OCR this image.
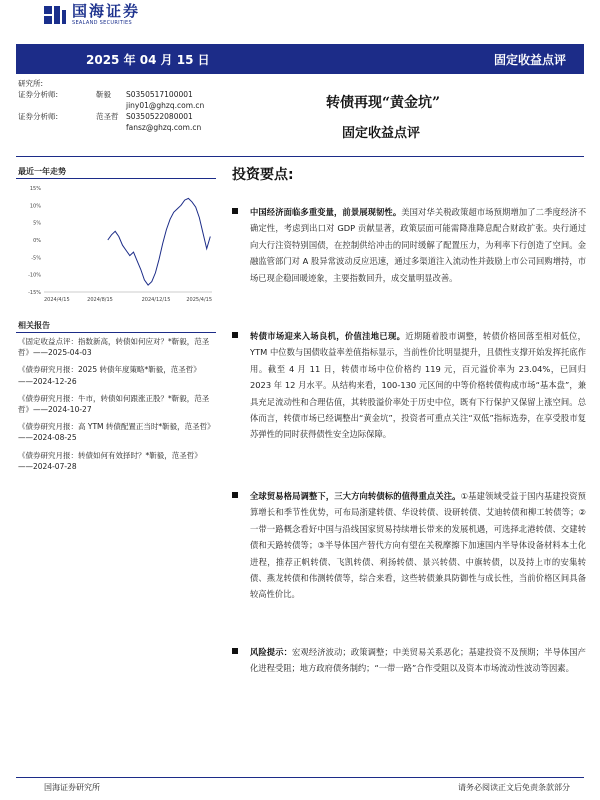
国海证券
SEALAND SECURITIES
2025 年 04 月 15 日	固定收益点评
研究所:
证券分析师:	靳毅	S0350517100001
jiny01@ghzq.com.cn
证券分析师:	范圣哲	S0350522080001
fansz@ghzq.com.cn
转债再现“黄金坑”
固定收益点评
最近一年走势
15%
10%
5%
0%
-5%
-10%
-15%
2024/4/15	2024/8/15	2024/12/15	2025/4/15
相关报告
《固定收益点评：指数新高，转债如何应对？*靳毅，范圣哲》——2025-04-03
《债券研究月报：2025 转债年度策略*靳毅，范圣哲》——2024-12-26
《债券研究月报：牛市，转债如何跟涨正股？*靳毅，范圣哲》——2024-10-27
《债券研究月报：高 YTM 转债配置正当时*靳毅，范圣哲》——2024-08-25
《债券研究月报：转债如何有效择时？*靳毅，范圣哲》——2024-07-28
投资要点:
中国经济面临多重变量，前景展现韧性。美国对华关税政策超市场预期增加了二季度经济不确定性，考虑到出口对 GDP 贡献显著，政策层面可能需降准降息配合财政扩张。央行通过向大行注资特别国债，在控制供给冲击的同时缓解了配置压力，为利率下行创造了空间。金融监管部门对 A 股异常波动反应迅速，通过多渠道注入流动性并鼓励上市公司回购增持，市场已现企稳回暖迹象，主要指数回升，成交量明显改善。
转债市场迎来入场良机，价值洼地已现。近期随着股市调整，转债价格回落至相对低位，YTM 中位数与国债收益率差值指标显示，当前性价比明显提升，且债性支撑开始发挥托底作用。截至 4 月 11 日，转债市场中位价格约 119 元，百元溢价率为 23.04%，已回归 2023 年 12 月水平。从结构来看，100-130 元区间的中等价格转债构成市场“基本盘”，兼具充足流动性和合理估值，其转股溢价率处于历史中位，既有下行保护又保留上涨空间。总体而言，转债市场已经调整出“黄金坑”，投资者可重点关注“双低”指标选券，在享受股市复苏弹性的同时获得债性安全边际保障。
全球贸易格局调整下，三大方向转债标的值得重点关注。①基建领域受益于国内基建投资预算增长和季节性优势，可布局浙建转债、华设转债、设研转债、艾迪转债和柳工转债等；②一带一路概念看好中国与沿线国家贸易持续增长带来的发展机遇，可选择北港转债、交建转债和天路转债等；③半导体国产替代方向有望在关税摩擦下加速国内半导体设备材料本土化进程，推荐正帆转债、飞凯转债、利扬转债、景兴转债、中旗转债，以及持上市的安集转债、燕龙转债和伟测转债等，综合来看，这些转债兼具防御性与成长性，当前价格区间具备较高性价比。
风险提示：宏观经济波动；政策调整；中美贸易关系恶化；基建投资不及预期；半导体国产化进程受阻；地方政府债务制约；“一带一路”合作受阻以及资本市场流动性波动等因素。
国海证券研究所	请务必阅读正文后免责条款部分
